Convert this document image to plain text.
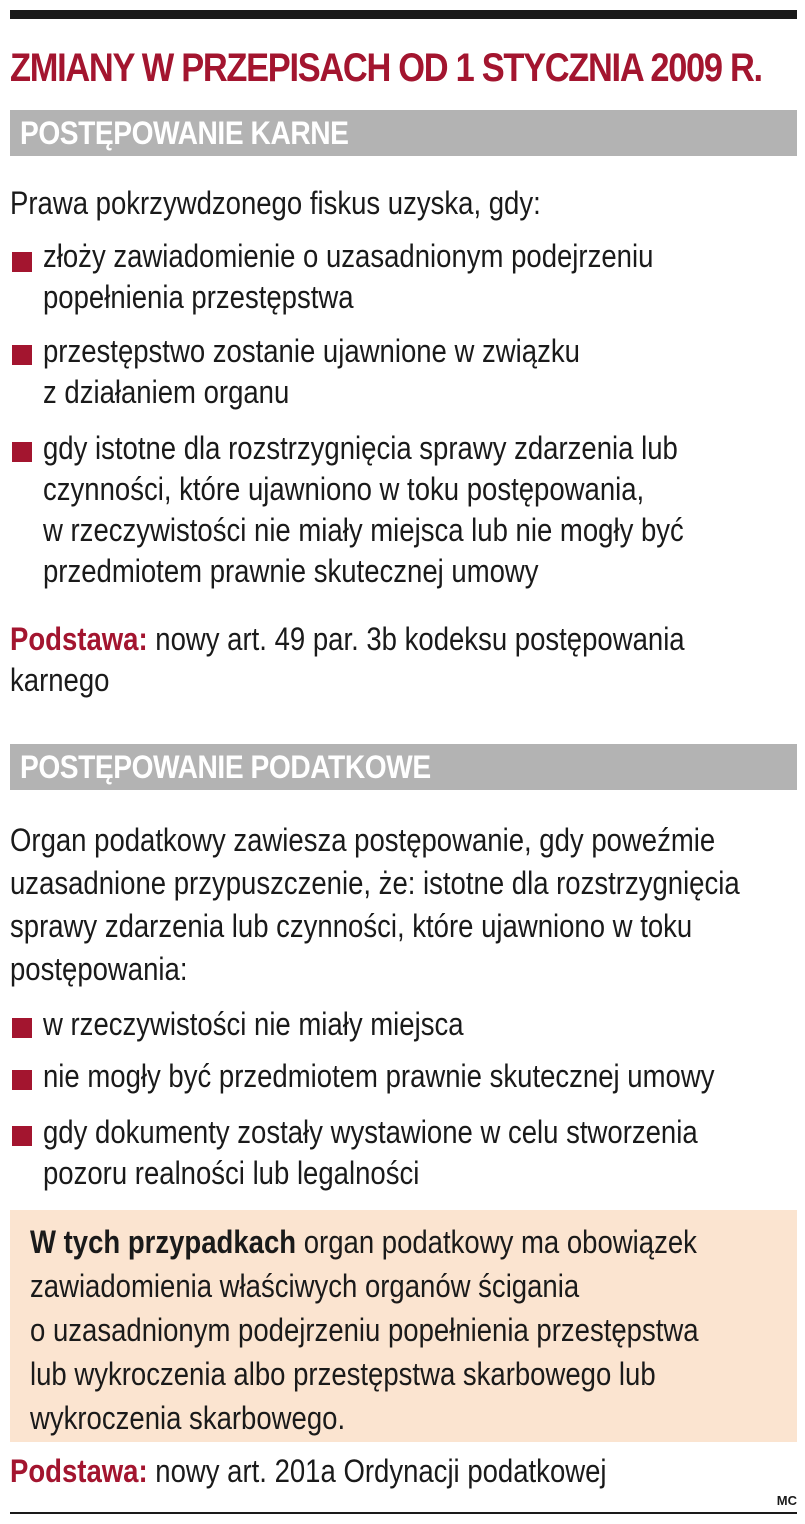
ZMIANY W PRZEPISACH OD 1 STYCZNIA 2009 R.
POSTĘPOWANIE KARNE
Prawa pokrzywdzonego fiskus uzyska, gdy:
złoży zawiadomienie o uzasadnionym podejrzeniu
popełnienia przestępstwa
przestępstwo zostanie ujawnione w związku
z działaniem organu
gdy istotne dla rozstrzygnięcia sprawy zdarzenia lub
czynności, które ujawniono w toku postępowania,
w rzeczywistości nie miały miejsca lub nie mogły być
przedmiotem prawnie skutecznej umowy
Podstawa: nowy art. 49 par. 3b kodeksu postępowania
karnego
POSTĘPOWANIE PODATKOWE
Organ podatkowy zawiesza postępowanie, gdy poweźmie
uzasadnione przypuszczenie, że: istotne dla rozstrzygnięcia
sprawy zdarzenia lub czynności, które ujawniono w toku
postępowania:
w rzeczywistości nie miały miejsca
nie mogły być przedmiotem prawnie skutecznej umowy
gdy dokumenty zostały wystawione w celu stworzenia
pozoru realności lub legalności
W tych przypadkach organ podatkowy ma obowiązek
zawiadomienia właściwych organów ścigania
o uzasadnionym podejrzeniu popełnienia przestępstwa
lub wykroczenia albo przestępstwa skarbowego lub
wykroczenia skarbowego.
Podstawa: nowy art. 201a Ordynacji podatkowej
MC
